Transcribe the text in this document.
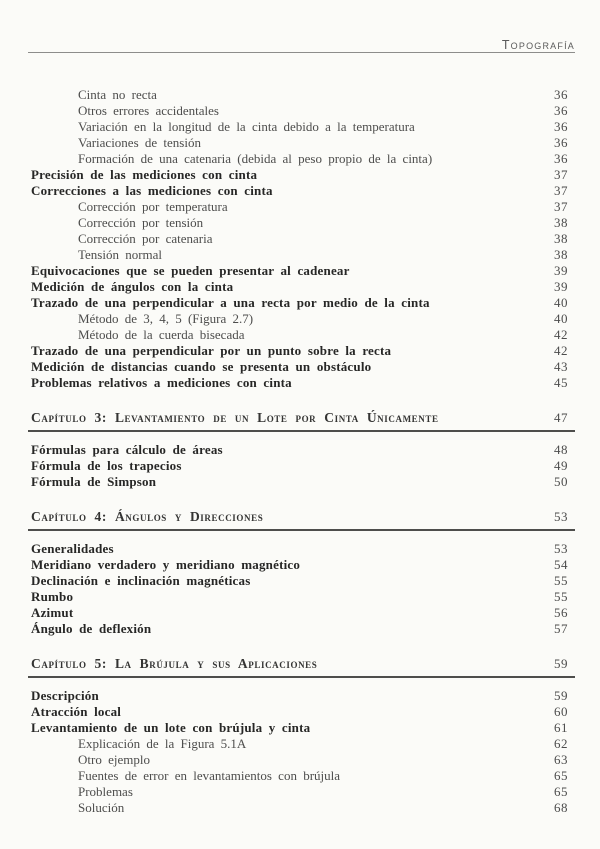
Topografía
Cinta no recta	36
Otros errores accidentales	36
Variación en la longitud de la cinta debido a la temperatura	36
Variaciones de tensión	36
Formación de una catenaria (debida al peso propio de la cinta)	36
Precisión de las mediciones con cinta	37
Correcciones a las mediciones con cinta	37
Corrección por temperatura	37
Corrección por tensión	38
Corrección por catenaria	38
Tensión normal	38
Equivocaciones que se pueden presentar al cadenear	39
Medición de ángulos con la cinta	39
Trazado de una perpendicular a una recta por medio de la cinta	40
Método de 3, 4, 5 (Figura 2.7)	40
Método de la cuerda bisecada	42
Trazado de una perpendicular por un punto sobre la recta	42
Medición de distancias cuando se presenta un obstáculo	43
Problemas relativos a mediciones con cinta	45
Capítulo 3: Levantamiento de un Lote por Cinta Únicamente	47
Fórmulas para cálculo de áreas	48
Fórmula de los trapecios	49
Fórmula de Simpson	50
Capítulo 4: Ángulos y Direcciones	53
Generalidades	53
Meridiano verdadero y meridiano magnético	54
Declinación e inclinación magnéticas	55
Rumbo	55
Azimut	56
Ángulo de deflexión	57
Capítulo 5: La Brújula y sus Aplicaciones	59
Descripción	59
Atracción local	60
Levantamiento de un lote con brújula y cinta	61
Explicación de la Figura 5.1A	62
Otro ejemplo	63
Fuentes de error en levantamientos con brújula	65
Problemas	65
Solución	68
